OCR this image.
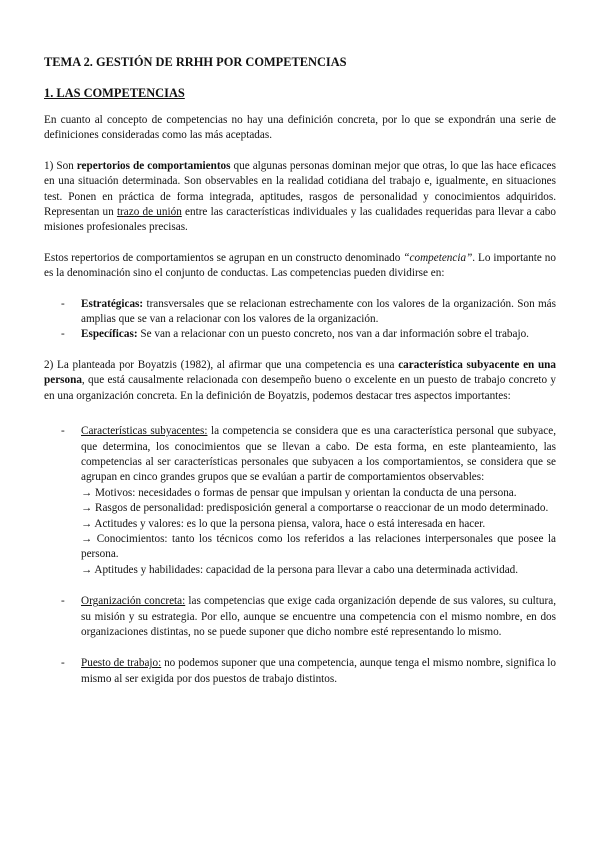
TEMA 2. GESTIÓN DE RRHH POR COMPETENCIAS
1. LAS COMPETENCIAS

En cuanto al concepto de competencias no hay una definición concreta, por lo que se expondrán una serie de definiciones consideradas como las más aceptadas.

1) Son repertorios de comportamientos que algunas personas dominan mejor que otras, lo que las hace eficaces en una situación determinada. Son observables en la realidad cotidiana del trabajo e, igualmente, en situaciones test. Ponen en práctica de forma integrada, aptitudes, rasgos de personalidad y conocimientos adquiridos. Representan un trazo de unión entre las características individuales y las cualidades requeridas para llevar a cabo misiones profesionales precisas.

Estos repertorios de comportamientos se agrupan en un constructo denominado “competencia”. Lo importante no es la denominación sino el conjunto de conductas. Las competencias pueden dividirse en:

- Estratégicas: transversales que se relacionan estrechamente con los valores de la organización. Son más amplias que se van a relacionar con los valores de la organización.
- Específicas: Se van a relacionar con un puesto concreto, nos van a dar información sobre el trabajo.

2) La planteada por Boyatzis (1982), al afirmar que una competencia es una característica subyacente en una persona, que está causalmente relacionada con desempeño bueno o excelente en un puesto de trabajo concreto y en una organización concreta. En la definición de Boyatzis, podemos destacar tres aspectos importantes:

- Características subyacentes: la competencia se considera que es una característica personal que subyace, que determina, los conocimientos que se llevan a cabo. De esta forma, en este planteamiento, las competencias al ser características personales que subyacen a los comportamientos, se considera que se agrupan en cinco grandes grupos que se evalúan a partir de comportamientos observables:
→ Motivos: necesidades o formas de pensar que impulsan y orientan la conducta de una persona.
→ Rasgos de personalidad: predisposición general a comportarse o reaccionar de un modo determinado.
→ Actitudes y valores: es lo que la persona piensa, valora, hace o está interesada en hacer.
→ Conocimientos: tanto los técnicos como los referidos a las relaciones interpersonales que posee la persona.
→ Aptitudes y habilidades: capacidad de la persona para llevar a cabo una determinada actividad.
- Organización concreta: las competencias que exige cada organización depende de sus valores, su cultura, su misión y su estrategia. Por ello, aunque se encuentre una competencia con el mismo nombre, en dos organizaciones distintas, no se puede suponer que dicho nombre esté representando lo mismo.
- Puesto de trabajo: no podemos suponer que una competencia, aunque tenga el mismo nombre, significa lo mismo al ser exigida por dos puestos de trabajo distintos.
